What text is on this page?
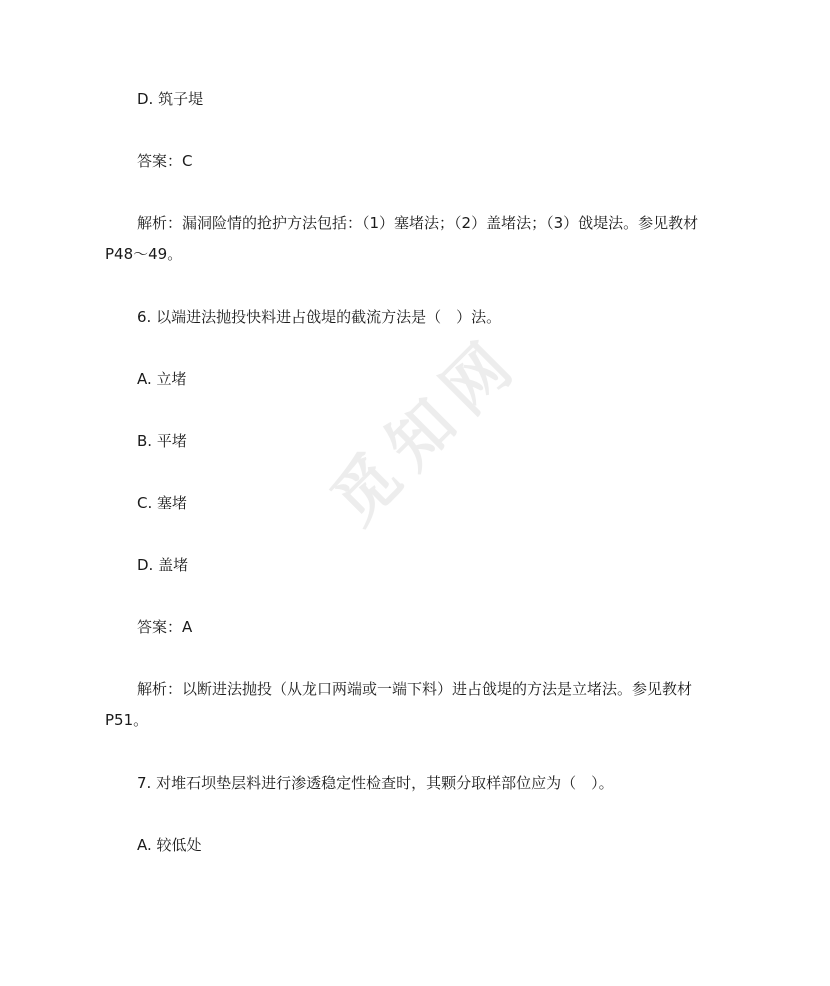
觅知网
D. 筑子堤
答案：C
解析：漏洞险情的抢护方法包括：（1）塞堵法；（2）盖堵法；（3）戗堤法。参见教材
P48～49。
6. 以端进法抛投快料进占戗堤的截流方法是（　）法。
A. 立堵
B. 平堵
C. 塞堵
D. 盖堵
答案：A
解析：以断进法抛投（从龙口两端或一端下料）进占戗堤的方法是立堵法。参见教材
P51。
7. 对堆石坝垫层料进行渗透稳定性检查时，其颗分取样部位应为（　）。
A. 较低处
